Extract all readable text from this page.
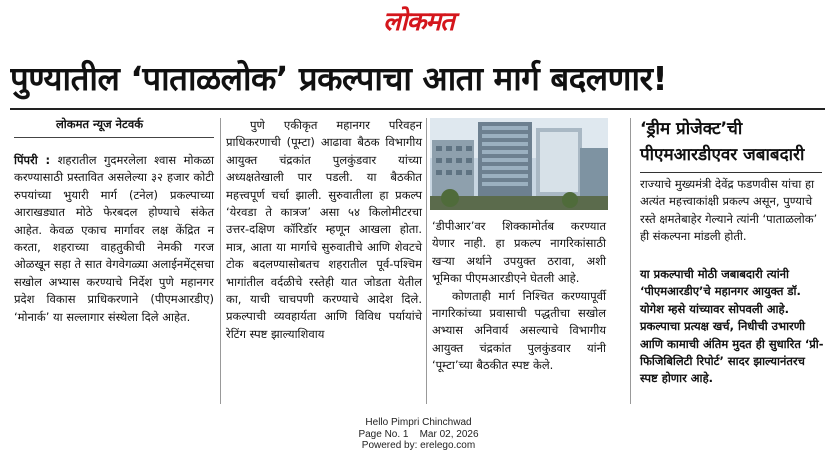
लोकमत
पुण्यातील ‘पाताळलोक’ प्रकल्पाचा आता मार्ग बदलणार!
लोकमत न्यूज नेटवर्क

पिंपरी : शहरातील गुदमरलेला श्वास मोकळा करण्यासाठी प्रस्तावित असलेल्या ३२ हजार कोटी रुपयांच्या भुयारी मार्ग (टनेल) प्रकल्पाच्या आराखड्यात मोठे फेरबदल होण्याचे संकेत आहेत. केवळ एकाच मार्गावर लक्ष केंद्रित न करता, शहराच्या वाहतुकीची नेमकी गरज ओळखून सहा ते सात वेगवेगळ्या अलाईनमेंट्सचा सखोल अभ्यास करण्याचे निर्देश पुणे महानगर प्रदेश विकास प्राधिकरणाने (पीएमआरडीए) ‘मोनार्क’ या सल्लागार संस्थेला दिले आहेत.

पुणे एकीकृत महानगर परिवहन प्राधिकरणाची (पूम्टा) आढावा बैठक विभागीय आयुक्त चंद्रकांत पुलकुंडवार यांच्या अध्यक्षतेखाली पार पडली. या बैठकीत महत्त्वपूर्ण चर्चा झाली. सुरुवातीला हा प्रकल्प ‘येरवडा ते कात्रज’ असा ५४ किलोमीटरचा उत्तर-दक्षिण कॉरिडॉर म्हणून आखला होता. मात्र, आता या मार्गाचे सुरुवातीचे आणि शेवटचे टोक बदलण्यासोबतच शहरातील पूर्व-पश्चिम भागांतील वर्दळीचे रस्तेही यात जोडता येतील का, याची चाचपणी करण्याचे आदेश दिले. प्रकल्पाची व्यवहार्यता आणि विविध पर्यायांचे रेटिंग स्पष्ट झाल्याशिवाय

‘डीपीआर’वर शिक्कामोर्तब करण्यात येणार नाही. हा प्रकल्प नागरिकांसाठी खऱ्या अर्थाने उपयुक्त ठरावा, अशी भूमिका पीएमआरडीएने घेतली आहे.

कोणताही मार्ग निश्चित करण्यापूर्वी नागरिकांच्या प्रवासाची पद्धतीचा सखोल अभ्यास अनिवार्य असल्याचे विभागीय आयुक्त चंद्रकांत पुलकुंडवार यांनी ‘पूम्टा’च्या बैठकीत स्पष्ट केले.

‘ड्रीम प्रोजेक्ट’ची पीएमआरडीएवर जबाबदारी
राज्याचे मुख्यमंत्री देवेंद्र फडणवीस यांचा हा अत्यंत महत्त्वाकांक्षी प्रकल्प असून, पुण्याचे रस्ते क्षमतेबाहेर गेल्याने त्यांनी ‘पाताळलोक’ ही संकल्पना मांडली होती.
या प्रकल्पाची मोठी जबाबदारी त्यांनी ‘पीएमआरडीए’चे महानगर आयुक्त डॉ. योगेश म्हसे यांच्यावर सोपवली आहे. प्रकल्पाचा प्रत्यक्ष खर्च, निधीची उभारणी आणि कामाची अंतिम मुदत ही सुधारित ‘प्री-फिजिबिलिटी रिपोर्ट’ सादर झाल्यानंतरच स्पष्ट होणार आहे.
Hello Pimpri Chinchwad
Page No. 1    Mar 02, 2026
Powered by: erelego.com
